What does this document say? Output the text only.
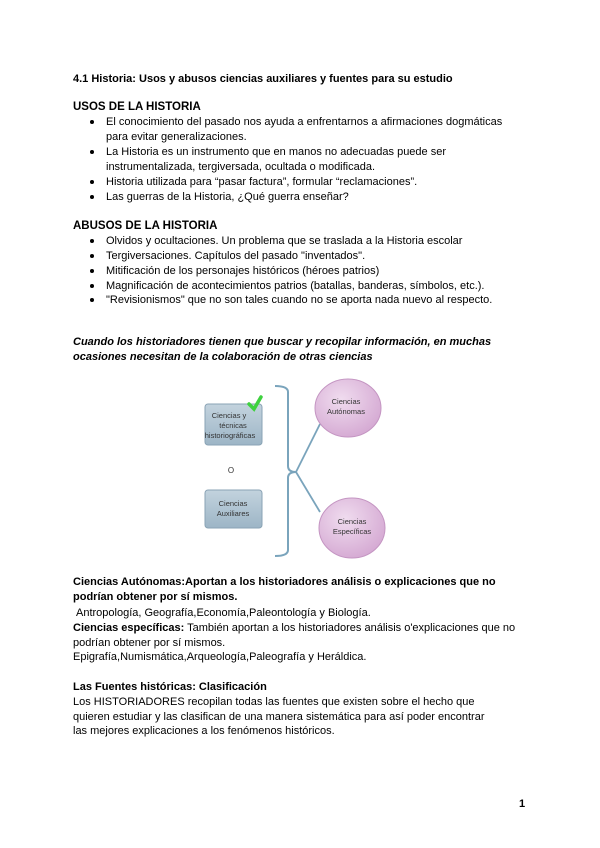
4.1 Historia: Usos y abusos ciencias auxiliares y fuentes para su estudio
USOS DE LA HISTORIA
El conocimiento del pasado nos ayuda a enfrentarnos a afirmaciones dogmáticas
para evitar generalizaciones.
La Historia es un instrumento que en manos no adecuadas puede ser
instrumentalizada, tergiversada, ocultada o modificada.
Historia utilizada para “pasar factura”, formular “reclamaciones”.
Las guerras de la Historia, ¿Qué guerra enseñar?
ABUSOS DE LA HISTORIA
Olvidos y ocultaciones. Un problema que se traslada a la Historia escolar
Tergiversaciones. Capítulos del pasado "inventados".
Mitificación de los personajes históricos (héroes patrios)
Magnificación de acontecimientos patrios (batallas, banderas, símbolos, etc.).
"Revisionismos" que no son tales cuando no se aporta nada nuevo al respecto.
Cuando los historiadores tienen que buscar y recopilar información, en muchas
ocasiones necesitan de la colaboración de otras ciencias
Ciencias y
técnicas
historiográficas
O
Ciencias
Auxiliares
Ciencias
Autónomas
Ciencias
Específicas
Ciencias Autónomas:Aportan a los historiadores análisis o explicaciones que no
podrían obtener por sí mismos.
Antropología, Geografía,Economía,Paleontología y Biología.
Ciencias específicas: También aportan a los historiadores análisis o'explicaciones que no
podrían obtener por sí mismos.
Epigrafía,Numismática,Arqueología,Paleografía y Heráldica.
Las Fuentes históricas: Clasificación
Los HISTORIADORES recopilan todas las fuentes que existen sobre el hecho que
quieren estudiar y las clasifican de una manera sistemática para así poder encontrar
las mejores explicaciones a los fenómenos históricos.
1
